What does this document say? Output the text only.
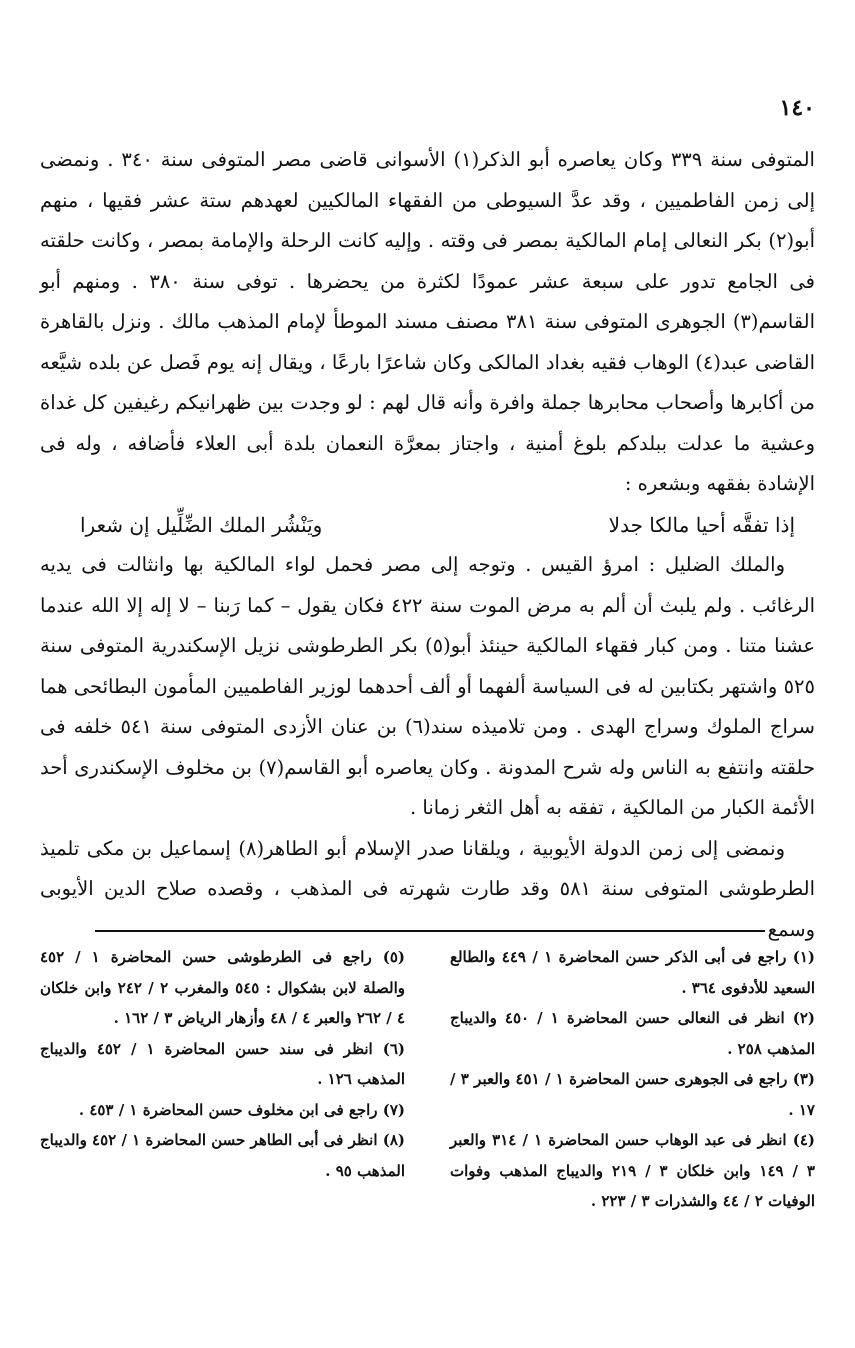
١٤٠

المتوفى سنة ٣٣٩ وكان يعاصره أبو الذكر(١) الأسوانى قاضى مصر المتوفى سنة ٣٤٠ . ونمضى إلى زمن الفاطميين ، وقد عدَّ السيوطى من الفقهاء المالكيين لعهدهم ستة عشر فقيها ، منهم أبو(٢) بكر النعالى إمام المالكية بمصر فى وقته . وإليه كانت الرحلة والإمامة بمصر ، وكانت حلقته فى الجامع تدور على سبعة عشر عمودًا لكثرة من يحضرها . توفى سنة ٣٨٠ . ومنهم أبو القاسم(٣) الجوهرى المتوفى سنة ٣٨١ مصنف مسند الموطأ لإمام المذهب مالك . ونزل بالقاهرة القاضى عبد(٤) الوهاب فقيه بغداد المالكى وكان شاعرًا بارعًا ، ويقال إنه يوم فَصل عن بلده شيَّعه من أكابرها وأصحاب محابرها جملة وافرة وأنه قال لهم : لو وجدت بين ظهرانيكم رغيفين كل غداة وعشية ما عدلت ببلدكم بلوغ أمنية ، واجتاز بمعرَّة النعمان بلدة أبى العلاء فأضافه ، وله فى الإشادة بفقهه وبشعره :

إذا تفقَّه أحيا مالكا جدلا
ويَنْشُر الملك الضِّلِّيل إن شعرا

والملك الضليل : امرؤ القيس . وتوجه إلى مصر فحمل لواء المالكية بها وانثالت فى يديه الرغائب . ولم يلبث أن ألم به مرض الموت سنة ٤٢٢ فكان يقول – كما رَبنا – لا إله إلا الله عندما عشنا متنا . ومن كبار فقهاء المالكية حينئذ أبو(٥) بكر الطرطوشى نزيل الإسكندرية المتوفى سنة ٥٢٥ واشتهر بكتابين له فى السياسة ألفهما أو ألف أحدهما لوزير الفاطميين المأمون البطائحى هما سراج الملوك وسراج الهدى . ومن تلاميذه سند(٦) بن عنان الأزدى المتوفى سنة ٥٤١ خلفه فى حلقته وانتفع به الناس وله شرح المدونة . وكان يعاصره أبو القاسم(٧) بن مخلوف الإسكندرى أحد الأئمة الكبار من المالكية ، تفقه به أهل الثغر زمانا .

ونمضى إلى زمن الدولة الأيوبية ، ويلقانا صدر الإسلام أبو الطاهر(٨) إسماعيل بن مكى تلميذ الطرطوشى المتوفى سنة ٥٨١ وقد طارت شهرته فى المذهب ، وقصده صلاح الدين الأيوبى وسمع

(١) راجع فى أبى الذكر حسن المحاضرة ١ / ٤٤٩ والطالع السعيد للأدفوى ٣٦٤ .

(٢) انظر فى النعالى حسن المحاضرة ١ / ٤٥٠ والديباج المذهب ٢٥٨ .

(٣) راجع فى الجوهرى حسن المحاضرة ١ / ٤٥١ والعبر ٣ / ١٧ .

(٤) انظر فى عبد الوهاب حسن المحاضرة ١ / ٣١٤ والعبر ٣ / ١٤٩ وابن خلكان ٣ / ٢١٩ والديباج المذهب وفوات الوفيات ٢ / ٤٤ والشذرات ٣ / ٢٢٣ .

(٥) راجع فى الطرطوشى حسن المحاضرة ١ / ٤٥٢ والصلة لابن بشكوال : ٥٤٥ والمغرب ٢ / ٢٤٢ وابن خلكان ٤ / ٢٦٢ والعبر ٤ / ٤٨ وأزهار الرياض ٣ / ١٦٢ .

(٦) انظر فى سند حسن المحاضرة ١ / ٤٥٢ والديباج المذهب ١٢٦ .

(٧) راجع فى ابن مخلوف حسن المحاضرة ١ / ٤٥٣ .

(٨) انظر فى أبى الطاهر حسن المحاضرة ١ / ٤٥٢ والديباج المذهب ٩٥ .
